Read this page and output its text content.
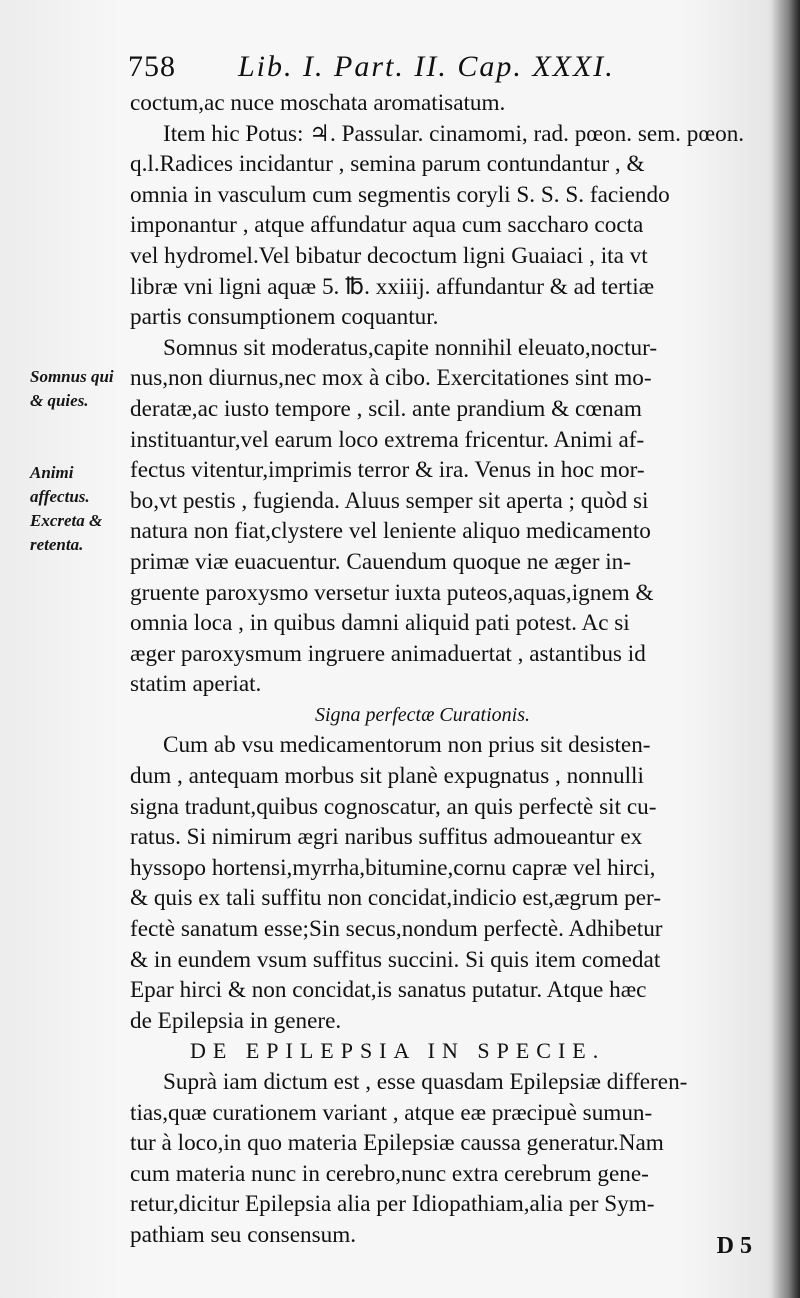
758 Lib. I. Part. II. Cap. XXXI.
coctum,ac nuce moschata aromatisatum.
Item hic Potus: ♃. Passular. cinamomi, rad. pœon. sem. pœon.
q.l.Radices incidantur , semina parum contundantur , &
omnia in vasculum cum segmentis coryli S. S. S. faciendo
imponantur , atque affundatur aqua cum saccharo cocta
vel hydromel.Vel bibatur decoctum ligni Guaiaci , ita vt
libræ vni ligni aquæ 5. ℔. xxiiij. affundantur & ad tertiæ
partis consumptionem coquantur.
Somnus sit moderatus,capite nonnihil eleuato,noctur-
nus,non diurnus,nec mox à cibo. Exercitationes sint mo-
deratæ,ac iusto tempore , scil. ante prandium & cœnam
instituantur,vel earum loco extrema fricentur. Animi af-
fectus vitentur,imprimis terror & ira. Venus in hoc mor-
bo,vt pestis , fugienda. Aluus semper sit aperta ; quòd si
natura non fiat,clystere vel leniente aliquo medicamento
primæ viæ euacuentur. Cauendum quoque ne æger in-
gruente paroxysmo versetur iuxta puteos,aquas,ignem &
omnia loca , in quibus damni aliquid pati potest. Ac si
æger paroxysmum ingruere animaduertat , astantibus id
statim aperiat.
Signa perfectæ Curationis.
Cum ab vsu medicamentorum non prius sit desisten-
dum , antequam morbus sit planè expugnatus , nonnulli
signa tradunt,quibus cognoscatur, an quis perfectè sit cu-
ratus. Si nimirum ægri naribus suffitus admoueantur ex
hyssopo hortensi,myrrha,bitumine,cornu capræ vel hirci,
& quis ex tali suffitu non concidat,indicio est,ægrum per-
fectè sanatum esse;Sin secus,nondum perfectè. Adhibetur
& in eundem vsum suffitus succini. Si quis item comedat
Epar hirci & non concidat,is sanatus putatur. Atque hæc
de Epilepsia in genere.
DE EPILEPSIA IN SPECIE.
Suprà iam dictum est , esse quasdam Epilepsiæ differen-
tias,quæ curationem variant , atque eæ præcipuè sumun-
tur à loco,in quo materia Epilepsiæ caussa generatur.Nam
cum materia nunc in cerebro,nunc extra cerebrum gene-
retur,dicitur Epilepsia alia per Idiopathiam,alia per Sym-
pathiam seu consensum.
Somnus qui & quies.
Animi affectus.
Excreta & retenta.
D 5
